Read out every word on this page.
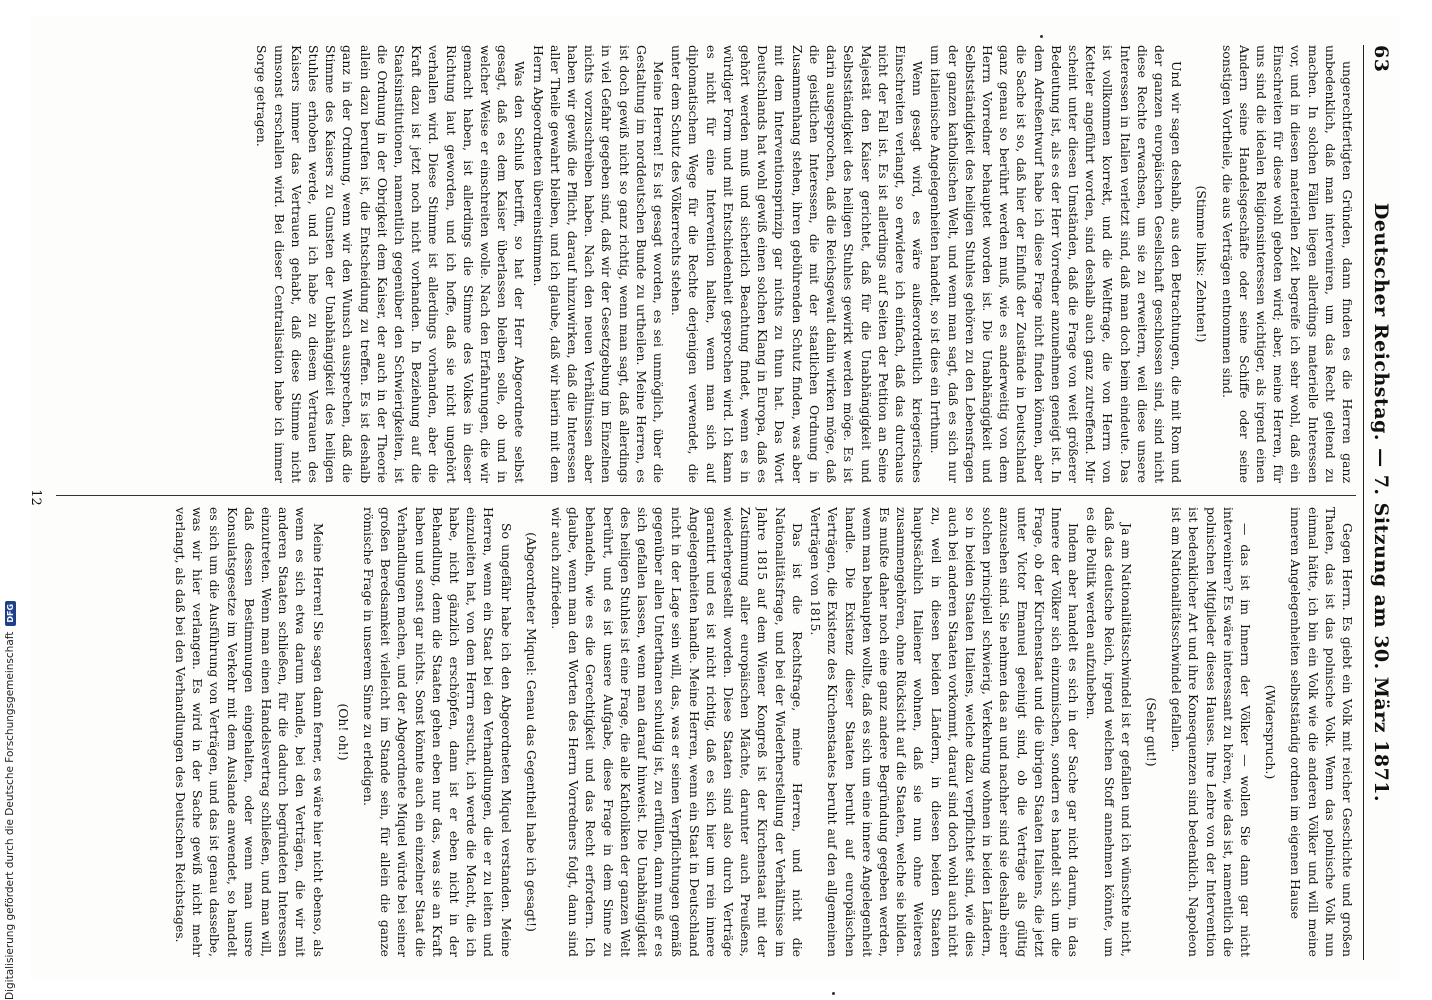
63
Deutscher Reichstag. — 7. Sitzung am 30. März 1871.

ungerechtfertigten Gründen, dann finden es die Herren ganz unbedenklich, daß man interveniren, um das Recht geltend zu machen. In solchen Fällen liegen allerdings materielle Interessen vor, und in diesen materiellen Zeit begreife ich sehr wohl, daß ein Einschreiten für diese wohl geboten wird; aber, meine Herren, für uns sind die idealen Religionsinteressen wichtiger, als irgend einen Andern seine Handelsgeschäfte oder seine Schiffe oder seine sonstigen Vortheile, die aus Verträgen entnommen sind.

(Stimme links: Zehnten!)

Und wir sagen deshalb, aus den Betrachtungen, die mit Rom und der ganzen europäischen Gesellschaft geschlossen sind, sind nicht diese Rechte erwachsen, um sie zu erweitern, weil diese unsere Interessen in Italien verletzt sind, daß man doch beim eindeute. Das ist vollkommen korrekt, und die Weltfrage, die von Herrn von Ketteler angeführt worden, sind deshalb auch ganz zutreffend. Mir scheint unter diesen Umständen, daß die Frage von weit größerer Bedeutung ist, als es der Herr Vorredner anzunehmen geneigt ist. In dem Adreßentwurf habe ich diese Frage nicht finden können, aber die Sache ist so, daß hier der Einfluß der Zustände in Deutschland ganz genau so berührt werden muß, wie es anderweitig von dem Herrn Vorredner behauptet worden ist. Die Unabhängigkeit und Selbstständigkeit des heiligen Stuhles gehören zu den Lebensfragen der ganzen katholischen Welt, und wenn man sagt, daß es sich nur um italienische Angelegenheiten handelt, so ist dies ein Irrthum.

Wenn gesagt wird, es wäre außerordentlich kriegerisches Einschreiten verlangt, so erwidere ich einfach, daß das durchaus nicht der Fall ist. Es ist allerdings auf Seiten der Petition an Seine Majestät den Kaiser gerichtet, daß für die Unabhängigkeit und Selbstständigkeit des heiligen Stuhles gewirkt werden möge. Es ist darin ausgesprochen, daß die Reichsgewalt dahin wirken möge, daß die geistlichen Interessen, die mit der staatlichen Ordnung in Zusammenhang stehen, ihren gebührenden Schutz finden, was aber mit dem Interventionsprinzip gar nichts zu thun hat. Das Wort Deutschlands hat wohl gewiß einen solchen Klang in Europa, daß es gehört werden muß und sicherlich Beachtung findet, wenn es in würdiger Form und mit Entschiedenheit gesprochen wird. Ich kann es nicht für eine Intervention halten, wenn man sich auf diplomatischem Wege für die Rechte derjenigen verwendet, die unter dem Schutz des Völkerrechts stehen.

Meine Herren! Es ist gesagt worden, es sei unmöglich, über die Gestaltung im norddeutschen Bunde zu urtheilen. Meine Herren, es ist doch gewiß nicht so ganz richtig, wenn man sagt, daß allerdings in viel Gefahr gegeben sind, daß wir der Gesetzgebung im Einzelnen nichts vorzuschreiben haben. Nach den neuen Verhältnissen aber haben wir gewiß die Pflicht, darauf hinzuwirken, daß die Interessen aller Theile gewahrt bleiben, und ich glaube, daß wir hierin mit dem Herrn Abgeordneten übereinstimmen.

Was den Schluß betrifft, so hat der Herr Abgeordnete selbst gesagt, daß es dem Kaiser überlassen bleiben solle, ob und in welcher Weise er einschreiten wolle. Nach den Erfahrungen, die wir gemacht haben, ist allerdings die Stimme des Volkes in dieser Richtung laut geworden, und ich hoffe, daß sie nicht ungehört verhallen wird. Diese Stimme ist allerdings vorhanden, aber die Kraft dazu ist jetzt noch nicht vorhanden. In Beziehung auf die Staatsinstitutionen, namentlich gegenüber den Schwierigkeiten, ist die Ordnung in der Obrigkeit dem Kaiser, der auch in der Theorie allein dazu berufen ist, die Entscheidung zu treffen. Es ist deshalb ganz in der Ordnung, wenn wir den Wunsch aussprechen, daß die Stimme des Kaisers zu Gunsten der Unabhängigkeit des heiligen Stuhles erhoben werde, und ich habe zu diesem Vertrauen des Kaisers immer das Vertrauen gehabt, daß diese Stimme nicht umsonst erschallen wird. Bei dieser Centralisation habe ich immer Sorge getragen.

Gegen Herrn. Es giebt ein Volk mit reicher Geschichte und großen Thaten, das ist das polnische Volk. Wenn das polnische Volk nun einmal hätte, ich bin ein Volk wie die anderen Völker und will meine inneren Angelegenheiten selbstständig ordnen im eigenen Hause

(Widerspruch.)

— das ist im Innern der Völker — wollen Sie dann gar nicht interveniren? Es wäre interessant zu hören, wie das ist, namentlich die polnischen Mitglieder dieses Hauses. Ihre Lehre von der Intervention ist bedenklicher Art und ihre Konsequenzen sind bedenklich. Napoleon ist am Nationalitätsschwindel gefallen.

(Sehr gut!)

Ja am Nationalitätsschwindel ist er gefallen und ich wünschte nicht, daß das deutsche Reich, irgend welchen Stoff annehmen könnte, um es die Politik werden aufzuheben.

Indem aber handelt es sich in der Sache gar nicht darum, in das Innere der Völker sich einzumischen, sondern es handelt sich um die Frage, ob der Kirchenstaat und die übrigen Staaten Italiens, die jetzt unter Victor Emanuel geeinigt sind, ob die Verträge als gültig anzusehen sind. Sie nehmen das an und nachher sind sie deshalb einer solchen principiell schwierig, Verkehrung wohnen in beiden Ländern, so in beiden Staaten Italiens, welche dazu verpflichtet sind, wie dies auch bei anderen Staaten vorkommt, darauf sind doch wohl auch nicht zu, weil in diesen beiden Ländern, in diesen beiden Staaten hauptsächlich Italiener wohnen, daß sie nun ohne Weiteres zusammengehören, ohne Rücksicht auf die Staaten, welche sie bilden. Es mußte daher noch eine ganz andere Begründung gegeben werden, wenn man behaupten wollte, daß es sich um eine innere Angelegenheit handle. Die Existenz dieser Staaten beruht auf europäischen Verträgen, die Existenz des Kirchenstaates beruht auf den allgemeinen Verträgen von 1815.

Das ist die Rechtsfrage, meine Herren, und nicht die Nationalitätsfrage, und bei der Wiederherstellung der Verhältnisse im Jahre 1815 auf dem Wiener Kongreß ist der Kirchenstaat mit der Zustimmung aller europäischen Mächte, darunter auch Preußens, wiederhergestellt worden. Diese Staaten sind also durch Verträge garantirt und es ist nicht richtig, daß es sich hier um rein innere Angelegenheiten handle. Meine Herren, wenn ein Staat in Deutschland nicht in der Lage sein will, das, was er seinen Verpflichtungen gemäß gegenüber allen Unterthanen schuldig ist, zu erfüllen, dann muß er es sich gefallen lassen, wenn man darauf hinweist. Die Unabhängigkeit des heiligen Stuhles ist eine Frage, die alle Katholiken der ganzen Welt berührt, und es ist unsere Aufgabe, diese Frage in dem Sinne zu behandeln, wie es die Gerechtigkeit und das Recht erfordern. Ich glaube, wenn man den Worten des Herrn Vorredners folgt, dann sind wir auch zufrieden.

(Abgeordneter Miquel: Genau das Gegentheil habe ich gesagt!)

So ungefähr habe ich den Abgeordneten Miquel verstanden. Meine Herren, wenn ein Staat bei den Verhandlungen, die er zu leiten und einzuleiten hat, von dem Herrn ersucht, ich werde die Macht, die ich habe, nicht gänzlich erschöpfen, dann ist er eben nicht in der Behandlung, denn die Staaten gehen eben nur das, was sie an Kraft haben und sonst gar nichts. Sonst könnte auch ein einzelner Staat die Verhandlungen machen, und der Abgeordnete Miquel würde bei seiner großen Beredsamkeit vielleicht im Stande sein, für allein die ganze römische Frage in unserem Sinne zu erledigen.

(Oh! oh!)

Meine Herren! Sie sagen dann ferner, es wäre hier nicht ebenso, als wenn es sich etwa darum handle, bei den Verträgen, die wir mit anderen Staaten schließen, für die dadurch begründeten Interessen einzutreten. Wenn man einen Handelsvertrag schließen, und man will, daß dessen Bestimmungen eingehalten, oder wenn man unsre Konsulatsgesetze im Verkehr mit dem Auslande anwendet, so handelt es sich um die Ausführung von Verträgen, und das ist genau dasselbe, was wir hier verlangen. Es wird in der Sache gewiß nicht mehr verlangt, als daß bei den Verhandlungen des Deutschen Reichstages.

12
Digitalisierung gefördert durch die Deutsche Forschungsgemeinschaft
DFG
